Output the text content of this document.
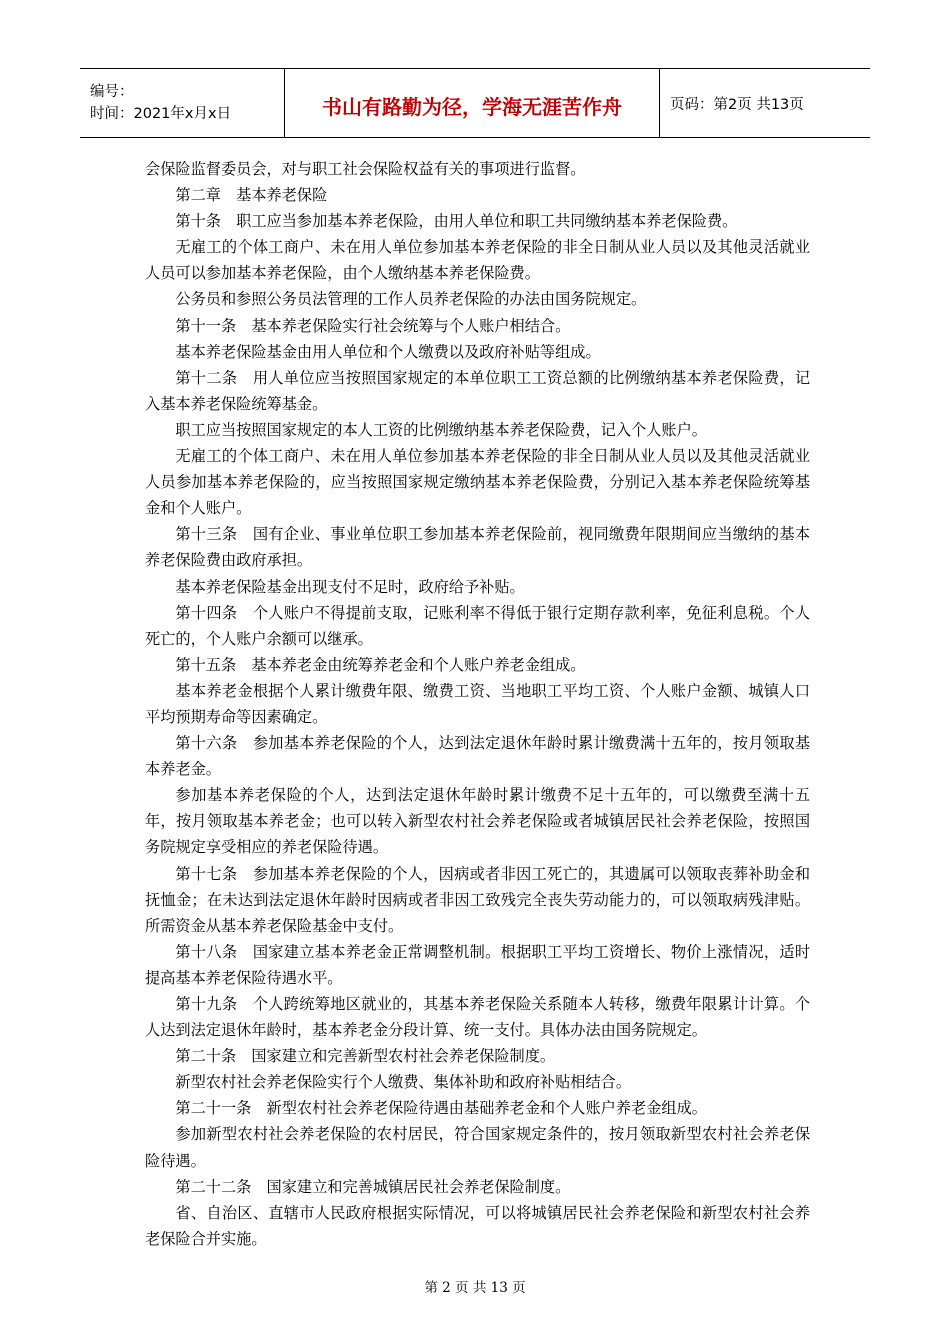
编号：
时间：2021年x月x日	书山有路勤为径，学海无涯苦作舟	页码：第2页 共13页

会保险监督委员会，对与职工社会保险权益有关的事项进行监督。

第二章　基本养老保险

第十条　职工应当参加基本养老保险，由用人单位和职工共同缴纳基本养老保险费。

无雇工的个体工商户、未在用人单位参加基本养老保险的非全日制从业人员以及其他灵活就业人员可以参加基本养老保险，由个人缴纳基本养老保险费。

公务员和参照公务员法管理的工作人员养老保险的办法由国务院规定。

第十一条　基本养老保险实行社会统筹与个人账户相结合。

基本养老保险基金由用人单位和个人缴费以及政府补贴等组成。

第十二条　用人单位应当按照国家规定的本单位职工工资总额的比例缴纳基本养老保险费，记入基本养老保险统筹基金。

职工应当按照国家规定的本人工资的比例缴纳基本养老保险费，记入个人账户。

无雇工的个体工商户、未在用人单位参加基本养老保险的非全日制从业人员以及其他灵活就业人员参加基本养老保险的，应当按照国家规定缴纳基本养老保险费，分别记入基本养老保险统筹基金和个人账户。

第十三条　国有企业、事业单位职工参加基本养老保险前，视同缴费年限期间应当缴纳的基本养老保险费由政府承担。

基本养老保险基金出现支付不足时，政府给予补贴。

第十四条　个人账户不得提前支取，记账利率不得低于银行定期存款利率，免征利息税。个人死亡的，个人账户余额可以继承。

第十五条　基本养老金由统筹养老金和个人账户养老金组成。

基本养老金根据个人累计缴费年限、缴费工资、当地职工平均工资、个人账户金额、城镇人口平均预期寿命等因素确定。

第十六条　参加基本养老保险的个人，达到法定退休年龄时累计缴费满十五年的，按月领取基本养老金。

参加基本养老保险的个人，达到法定退休年龄时累计缴费不足十五年的，可以缴费至满十五年，按月领取基本养老金；也可以转入新型农村社会养老保险或者城镇居民社会养老保险，按照国务院规定享受相应的养老保险待遇。

第十七条　参加基本养老保险的个人，因病或者非因工死亡的，其遗属可以领取丧葬补助金和抚恤金；在未达到法定退休年龄时因病或者非因工致残完全丧失劳动能力的，可以领取病残津贴。所需资金从基本养老保险基金中支付。

第十八条　国家建立基本养老金正常调整机制。根据职工平均工资增长、物价上涨情况，适时提高基本养老保险待遇水平。

第十九条　个人跨统筹地区就业的，其基本养老保险关系随本人转移，缴费年限累计计算。个人达到法定退休年龄时，基本养老金分段计算、统一支付。具体办法由国务院规定。

第二十条　国家建立和完善新型农村社会养老保险制度。

新型农村社会养老保险实行个人缴费、集体补助和政府补贴相结合。

第二十一条　新型农村社会养老保险待遇由基础养老金和个人账户养老金组成。

参加新型农村社会养老保险的农村居民，符合国家规定条件的，按月领取新型农村社会养老保险待遇。

第二十二条　国家建立和完善城镇居民社会养老保险制度。

省、自治区、直辖市人民政府根据实际情况，可以将城镇居民社会养老保险和新型农村社会养老保险合并实施。

第 2 页 共 13 页
